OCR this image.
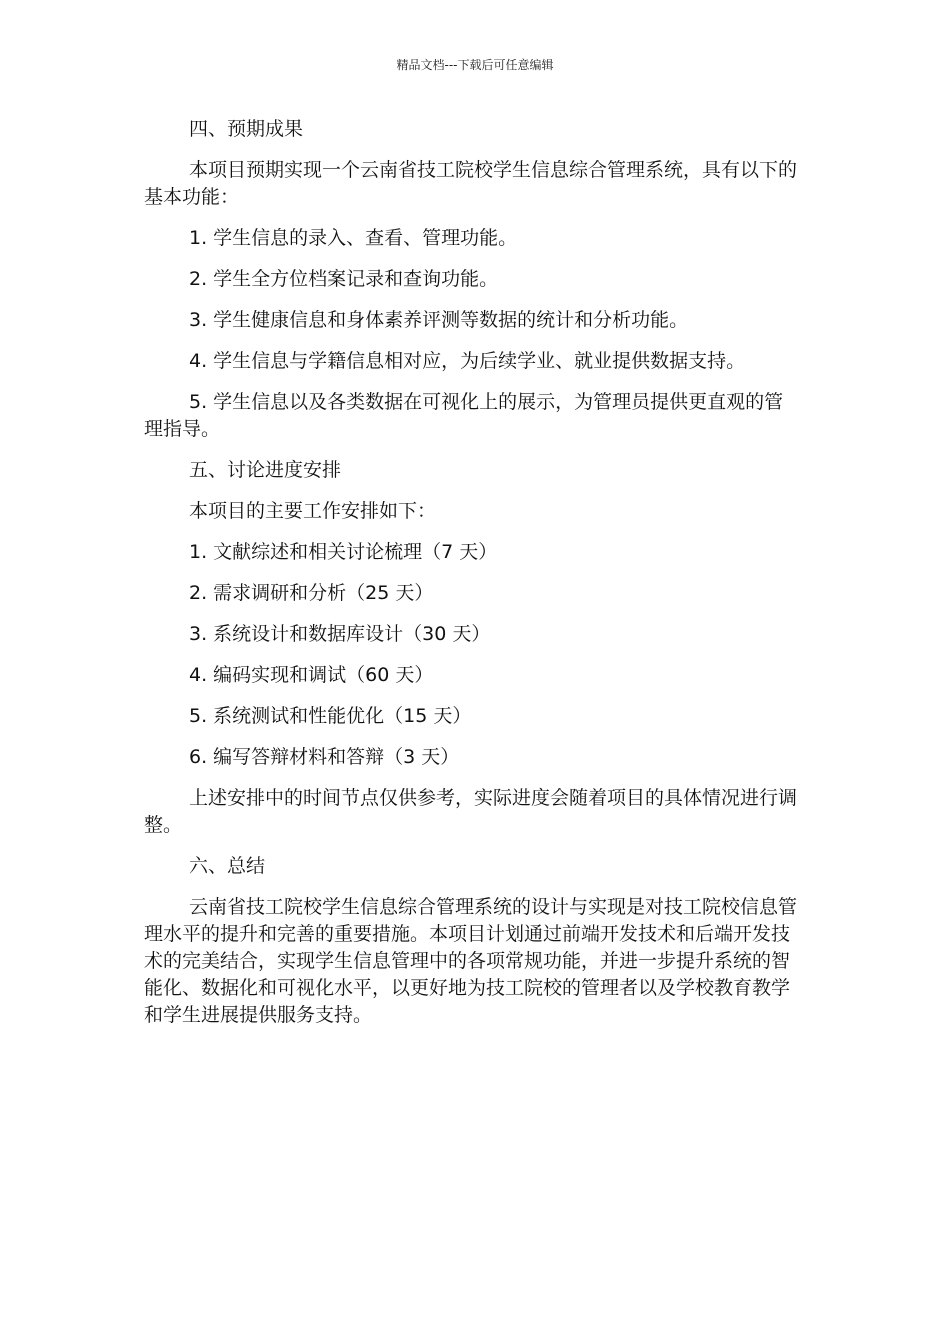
精品文档---下载后可任意编辑

四、预期成果

本项目预期实现一个云南省技工院校学生信息综合管理系统，具有以下的基本功能：

1. 学生信息的录入、查看、管理功能。

2. 学生全方位档案记录和查询功能。

3. 学生健康信息和身体素养评测等数据的统计和分析功能。

4. 学生信息与学籍信息相对应，为后续学业、就业提供数据支持。

5. 学生信息以及各类数据在可视化上的展示，为管理员提供更直观的管理指导。

五、讨论进度安排

本项目的主要工作安排如下：

1. 文献综述和相关讨论梳理（7 天）

2. 需求调研和分析（25 天）

3. 系统设计和数据库设计（30 天）

4. 编码实现和调试（60 天）

5. 系统测试和性能优化（15 天）

6. 编写答辩材料和答辩（3 天）

上述安排中的时间节点仅供参考，实际进度会随着项目的具体情况进行调整。

六、总结

云南省技工院校学生信息综合管理系统的设计与实现是对技工院校信息管理水平的提升和完善的重要措施。本项目计划通过前端开发技术和后端开发技术的完美结合，实现学生信息管理中的各项常规功能，并进一步提升系统的智能化、数据化和可视化水平，以更好地为技工院校的管理者以及学校教育教学和学生进展提供服务支持。
